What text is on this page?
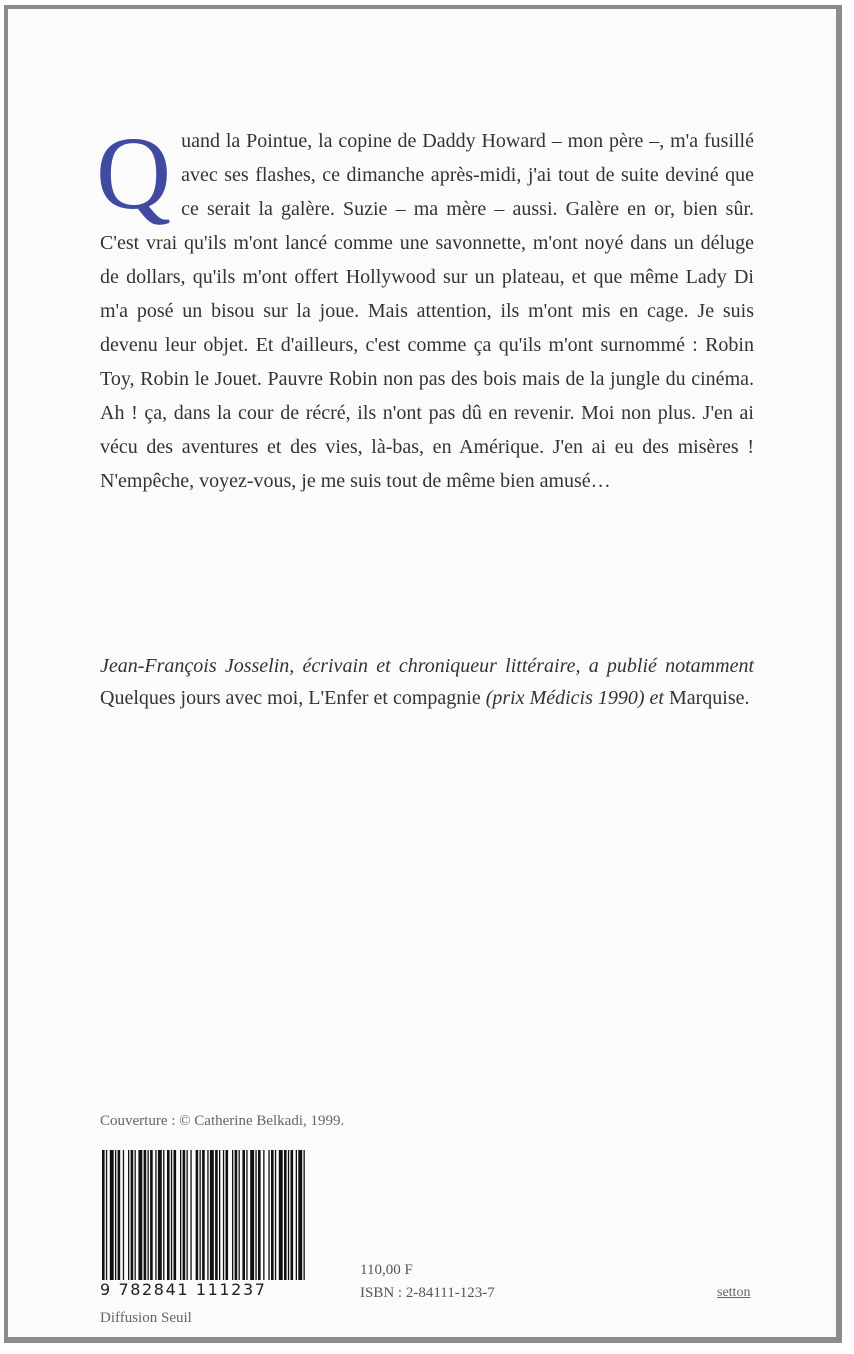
Q uand la Pointue, la copine de Daddy Howard – mon père –, m'a fusillé avec ses flashes, ce dimanche après-midi, j'ai tout de suite deviné que ce serait la galère. Suzie – ma mère – aussi. Galère en or, bien sûr. C'est vrai qu'ils m'ont lancé comme une savonnette, m'ont noyé dans un déluge de dollars, qu'ils m'ont offert Hollywood sur un plateau, et que même Lady Di m'a posé un bisou sur la joue. Mais attention, ils m'ont mis en cage. Je suis devenu leur objet. Et d'ailleurs, c'est comme ça qu'ils m'ont surnommé : Robin Toy, Robin le Jouet. Pauvre Robin non pas des bois mais de la jungle du cinéma. Ah ! ça, dans la cour de récré, ils n'ont pas dû en revenir. Moi non plus. J'en ai vécu des aventures et des vies, là-bas, en Amérique. J'en ai eu des misères ! N'empêche, voyez-vous, je me suis tout de même bien amusé…

Jean-François Josselin, écrivain et chroniqueur littéraire, a publié notamment Quelques jours avec moi, L'Enfer et compagnie (prix Médicis 1990) et Marquise.
Couverture : © Catherine Belkadi, 1999.
9 782841 111237
110,00 F
ISBN : 2-84111-123-7	setton
Diffusion Seuil
